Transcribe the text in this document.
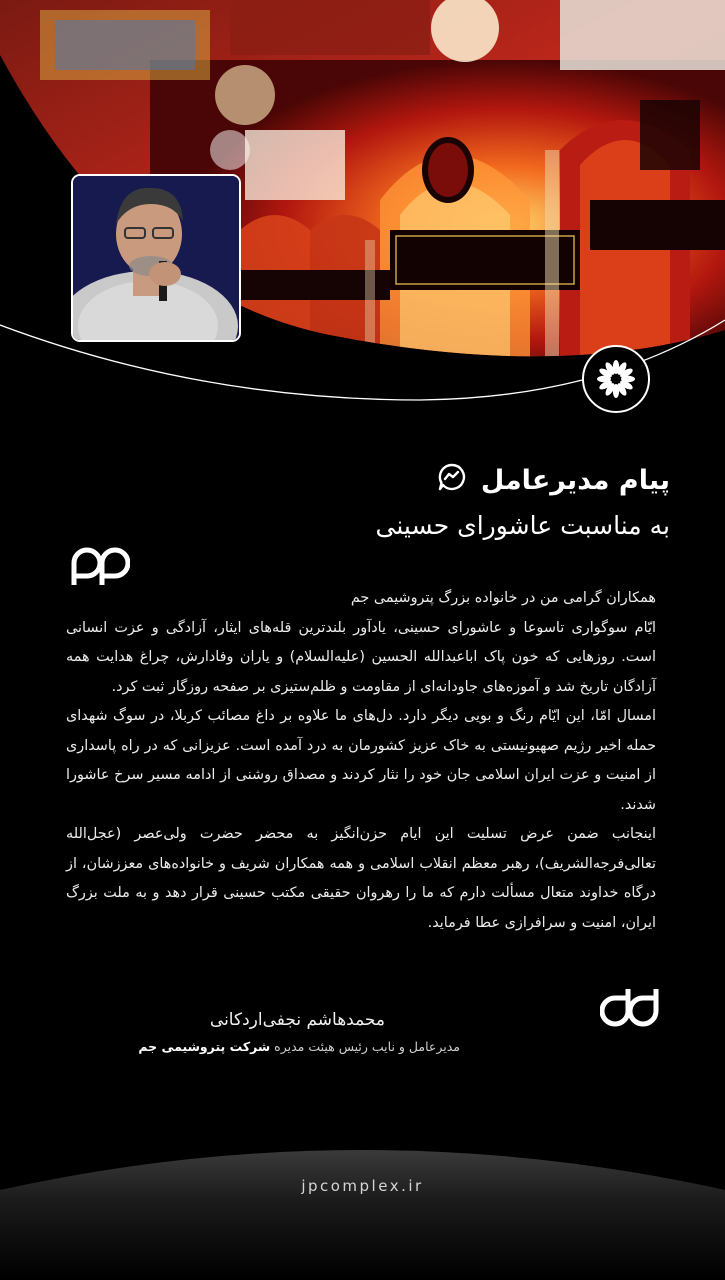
پیام مدیرعامل
به مناسبت عاشورای حسینی

همکاران گرامی من در خانواده بزرگ پتروشیمی جم

ایّام سوگواری تاسوعا و عاشورای حسینی، یادآور بلندترین قله‌های ایثار، آزادگی و عزت انسانی است. روزهایی که خون پاک اباعبدالله الحسین (علیه‌السلام) و یاران وفادارش، چراغ هدایت همه آزادگان تاریخ شد و آموزه‌های جاودانه‌ای از مقاومت و ظلم‌ستیزی بر صفحه روزگار ثبت کرد.

امسال امّا، این ایّام رنگ و بویی دیگر دارد. دل‌های ما علاوه بر داغ مصائب کربلا، در سوگ شهدای حمله اخیر رژیم صهیونیستی به خاک عزیز کشورمان به درد آمده است. عزیزانی که در راه پاسداری از امنیت و عزت ایران اسلامی جان خود را نثار کردند و مصداق روشنی از ادامه مسیر سرخ عاشورا شدند.

اینجانب ضمن عرض تسلیت این ایام حزن‌انگیز به محضر حضرت ولی‌عصر (عجل‌الله تعالی‌فرجه‌الشریف)، رهبر معظم انقلاب اسلامی و همه همکاران شریف و خانواده‌های معززشان، از درگاه خداوند متعال مسألت دارم که ما را رهروان حقیقی مکتب حسینی قرار دهد و به ملت بزرگ ایران، امنیت و سرافرازی عطا فرماید.

محمدهاشم نجفی‌اردکانی
مدیرعامل و نایب رئیس هیئت مدیره شرکت پتروشیمی جم
jpcomplex.ir
